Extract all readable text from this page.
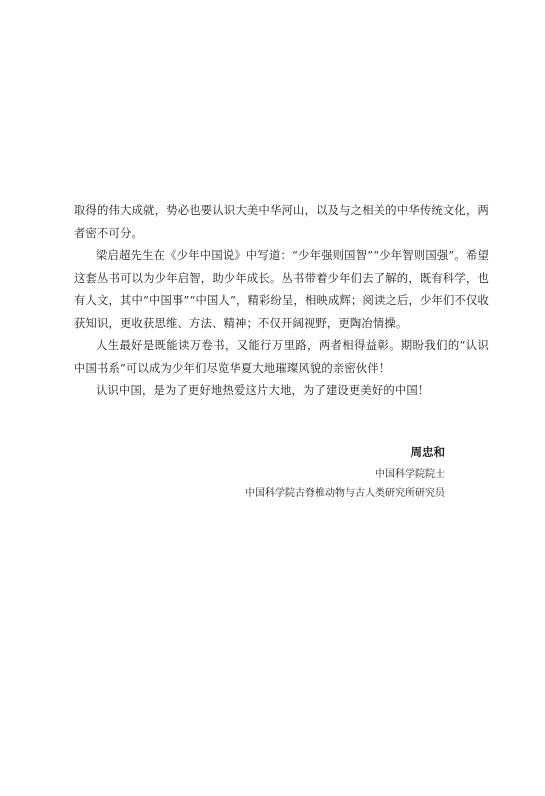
取得的伟大成就，势必也要认识大美中华河山，以及与之相关的中华传统文化，两者密不可分。

梁启超先生在《少年中国说》中写道：“少年强则国智”“少年智则国强”。希望这套丛书可以为少年启智，助少年成长。丛书带着少年们去了解的，既有科学，也有人文，其中“中国事”“中国人”，精彩纷呈，相映成辉；阅读之后，少年们不仅收获知识，更收获思维、方法、精神；不仅开阔视野，更陶冶情操。

人生最好是既能读万卷书，又能行万里路，两者相得益彰。期盼我们的“认识中国书系”可以成为少年们尽览华夏大地璀璨风貌的亲密伙伴！

认识中国，是为了更好地热爱这片大地，为了建设更美好的中国！

周忠和
中国科学院院士
中国科学院古脊椎动物与古人类研究所研究员
